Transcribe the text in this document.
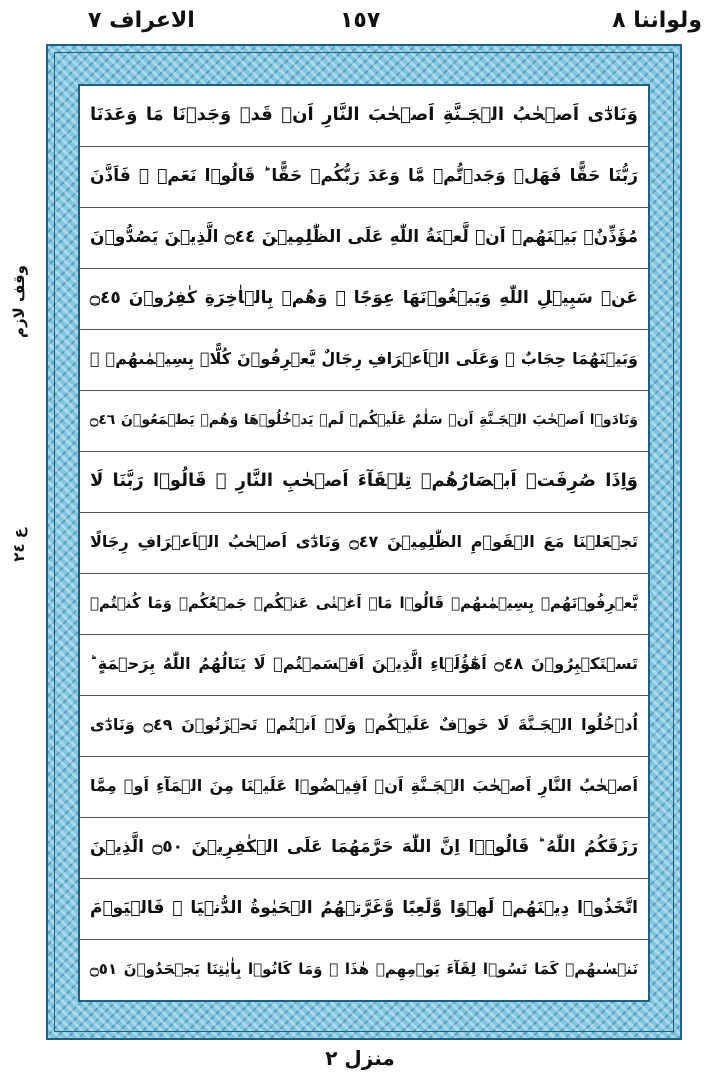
ولواننا ٨
١٥٧
الاعراف ٧
وقف لازم
ع ٢٤
وَنَادٰٓى اَصۡحٰبُ الۡجَـنَّةِ اَصۡحٰبَ النَّارِ اَنۡ قَدۡ وَجَدۡنَا مَا وَعَدَنَا
رَبُّنَا حَقًّا فَهَلۡ وَجَدۡتُّمۡ مَّا وَعَدَ رَبُّكُمۡ حَقًّا ؕ قَالُوۡا نَعَمۡ ۚ فَاَذَّنَ
مُؤَذِّنٌۢ بَيۡنَهُمۡ اَنۡ لَّعۡنَةُ اللّٰهِ عَلَى الظّٰلِمِيۡنَ ۝٤٤ الَّذِيۡنَ يَصُدُّوۡنَ
عَنۡ سَبِيۡلِ اللّٰهِ وَيَبۡغُوۡنَهَا عِوَجًا ۚ وَهُمۡ بِالۡاٰخِرَةِ كٰفِرُوۡنَ ۝٤٥
وَبَيۡنَهُمَا حِجَابٌ ۚ وَعَلَى الۡاَعۡرَافِ رِجَالٌ يَّعۡرِفُوۡنَ كُلًّاۢ بِسِيۡمٰٮهُمۡ ۚ
وَنَادَوۡا اَصۡحٰبَ الۡجَـنَّةِ اَنۡ سَلٰمٌ عَلَيۡكُمۡ لَمۡ يَدۡخُلُوۡهَا وَهُمۡ يَطۡمَعُوۡنَ ۝٤٦
وَاِذَا صُرِفَتۡ اَبۡصَارُهُمۡ تِلۡقَآءَ اَصۡحٰبِ النَّارِ ۙ قَالُوۡا رَبَّنَا لَا
تَجۡعَلۡنَا مَعَ الۡقَوۡمِ الظّٰلِمِيۡنَ ۝٤٧ وَنَادٰٓى اَصۡحٰبُ الۡاَعۡرَافِ رِجَالًا
يَّعۡرِفُوۡنَهُمۡ بِسِيۡمٰٮهُمۡ قَالُوۡا مَاۤ اَغۡنٰى عَنۡكُمۡ جَمۡعُكُمۡ وَمَا كُنۡتُمۡ
تَسۡتَكۡبِرُوۡنَ ۝٤٨ اَهٰٓؤُلَۤاءِ الَّذِيۡنَ اَقۡسَمۡتُمۡ لَا يَنَالُهُمُ اللّٰهُ بِرَحۡمَةٍ ؕ
اُدۡخُلُوا الۡجَـنَّةَ لَا خَوۡفٌ عَلَيۡكُمۡ وَلَاۤ اَنۡتُمۡ تَحۡزَنُوۡنَ ۝٤٩ وَنَادٰٓى
اَصۡحٰبُ النَّارِ اَصۡحٰبَ الۡجَـنَّةِ اَنۡ اَفِيۡضُوۡا عَلَيۡنَا مِنَ الۡمَآءِ اَوۡ مِمَّا
رَزَقَكُمُ اللّٰهُ ؕ قَالُوۡۤا اِنَّ اللّٰهَ حَرَّمَهُمَا عَلَى الۡكٰفِرِيۡنَ ۝٥٠ الَّذِيۡنَ
اتَّخَذُوۡا دِيۡنَهُمۡ لَهۡوًا وَّلَعِبًا وَّغَرَّتۡهُمُ الۡحَيٰوةُ الدُّنۡيَا ۚ فَالۡيَوۡمَ
نَنۡسٰٮهُمۡ كَمَا نَسُوۡا لِقَآءَ يَوۡمِهِمۡ هٰذَا ۙ وَمَا كَانُوۡا بِاٰيٰتِنَا يَجۡحَدُوۡنَ ۝٥١
منزل ٢
